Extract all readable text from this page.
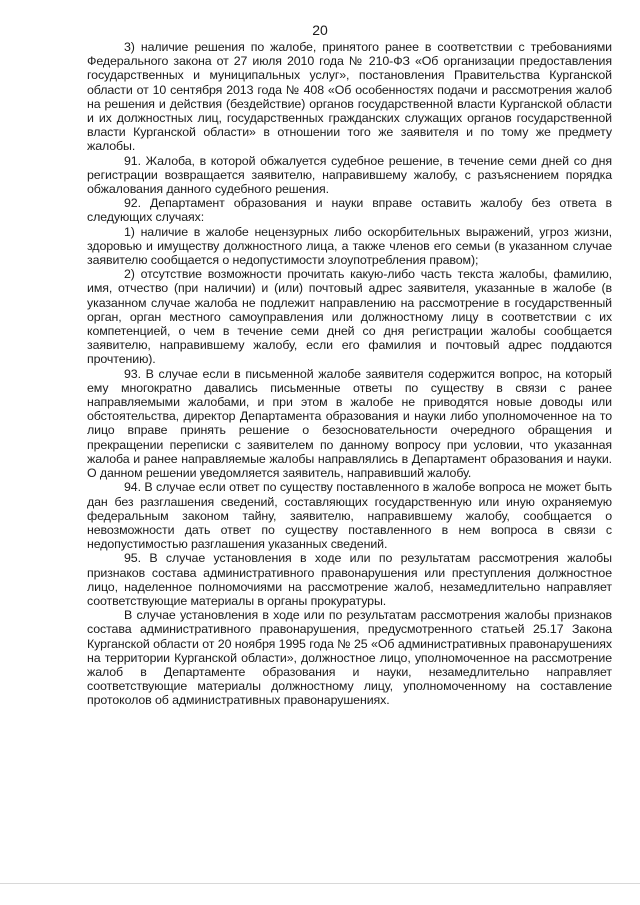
20

3) наличие решения по жалобе, принятого ранее в соответствии с требованиями Федерального закона от 27 июля 2010 года № 210-ФЗ «Об организации предоставления государственных и муниципальных услуг», постановления Правительства Курганской области от 10 сентября 2013 года № 408 «Об особенностях подачи и рассмотрения жалоб на решения и действия (бездействие) органов государственной власти Курганской области и их должностных лиц, государственных гражданских служащих органов государственной власти Курганской области» в отношении того же заявителя и по тому же предмету жалобы.

91. Жалоба, в которой обжалуется судебное решение, в течение семи дней со дня регистрации возвращается заявителю, направившему жалобу, с разъяснением порядка обжалования данного судебного решения.

92. Департамент образования и науки вправе оставить жалобу без ответа в следующих случаях:

1) наличие в жалобе нецензурных либо оскорбительных выражений, угроз жизни, здоровью и имуществу должностного лица, а также членов его семьи (в указанном случае заявителю сообщается о недопустимости злоупотребления правом);

2) отсутствие возможности прочитать какую-либо часть текста жалобы, фамилию, имя, отчество (при наличии) и (или) почтовый адрес заявителя, указанные в жалобе (в указанном случае жалоба не подлежит направлению на рассмотрение в государственный орган, орган местного самоуправления или должностному лицу в соответствии с их компетенцией, о чем в течение семи дней со дня регистрации жалобы сообщается заявителю, направившему жалобу, если его фамилия и почтовый адрес поддаются прочтению).

93. В случае если в письменной жалобе заявителя содержится вопрос, на который ему многократно давались письменные ответы по существу в связи с ранее направляемыми жалобами, и при этом в жалобе не приводятся новые доводы или обстоятельства, директор Департамента образования и науки либо уполномоченное на то лицо вправе принять решение о безосновательности очередного обращения и прекращении переписки с заявителем по данному вопросу при условии, что указанная жалоба и ранее направляемые жалобы направлялись в Департамент образования и науки. О данном решении уведомляется заявитель, направивший жалобу.

94. В случае если ответ по существу поставленного в жалобе вопроса не может быть дан без разглашения сведений, составляющих государственную или иную охраняемую федеральным законом тайну, заявителю, направившему жалобу, сообщается о невозможности дать ответ по существу поставленного в нем вопроса в связи с недопустимостью разглашения указанных сведений.

95. В случае установления в ходе или по результатам рассмотрения жалобы признаков состава административного правонарушения или преступления должностное лицо, наделенное полномочиями на рассмотрение жалоб, незамедлительно направляет соответствующие материалы в органы прокуратуры.

В случае установления в ходе или по результатам рассмотрения жалобы признаков состава административного правонарушения, предусмотренного статьей 25.17 Закона Курганской области от 20 ноября 1995 года № 25 «Об административных правонарушениях на территории Курганской области», должностное лицо, уполномоченное на рассмотрение жалоб в Департаменте образования и науки, незамедлительно направляет соответствующие материалы должностному лицу, уполномоченному на составление протоколов об административных правонарушениях.
